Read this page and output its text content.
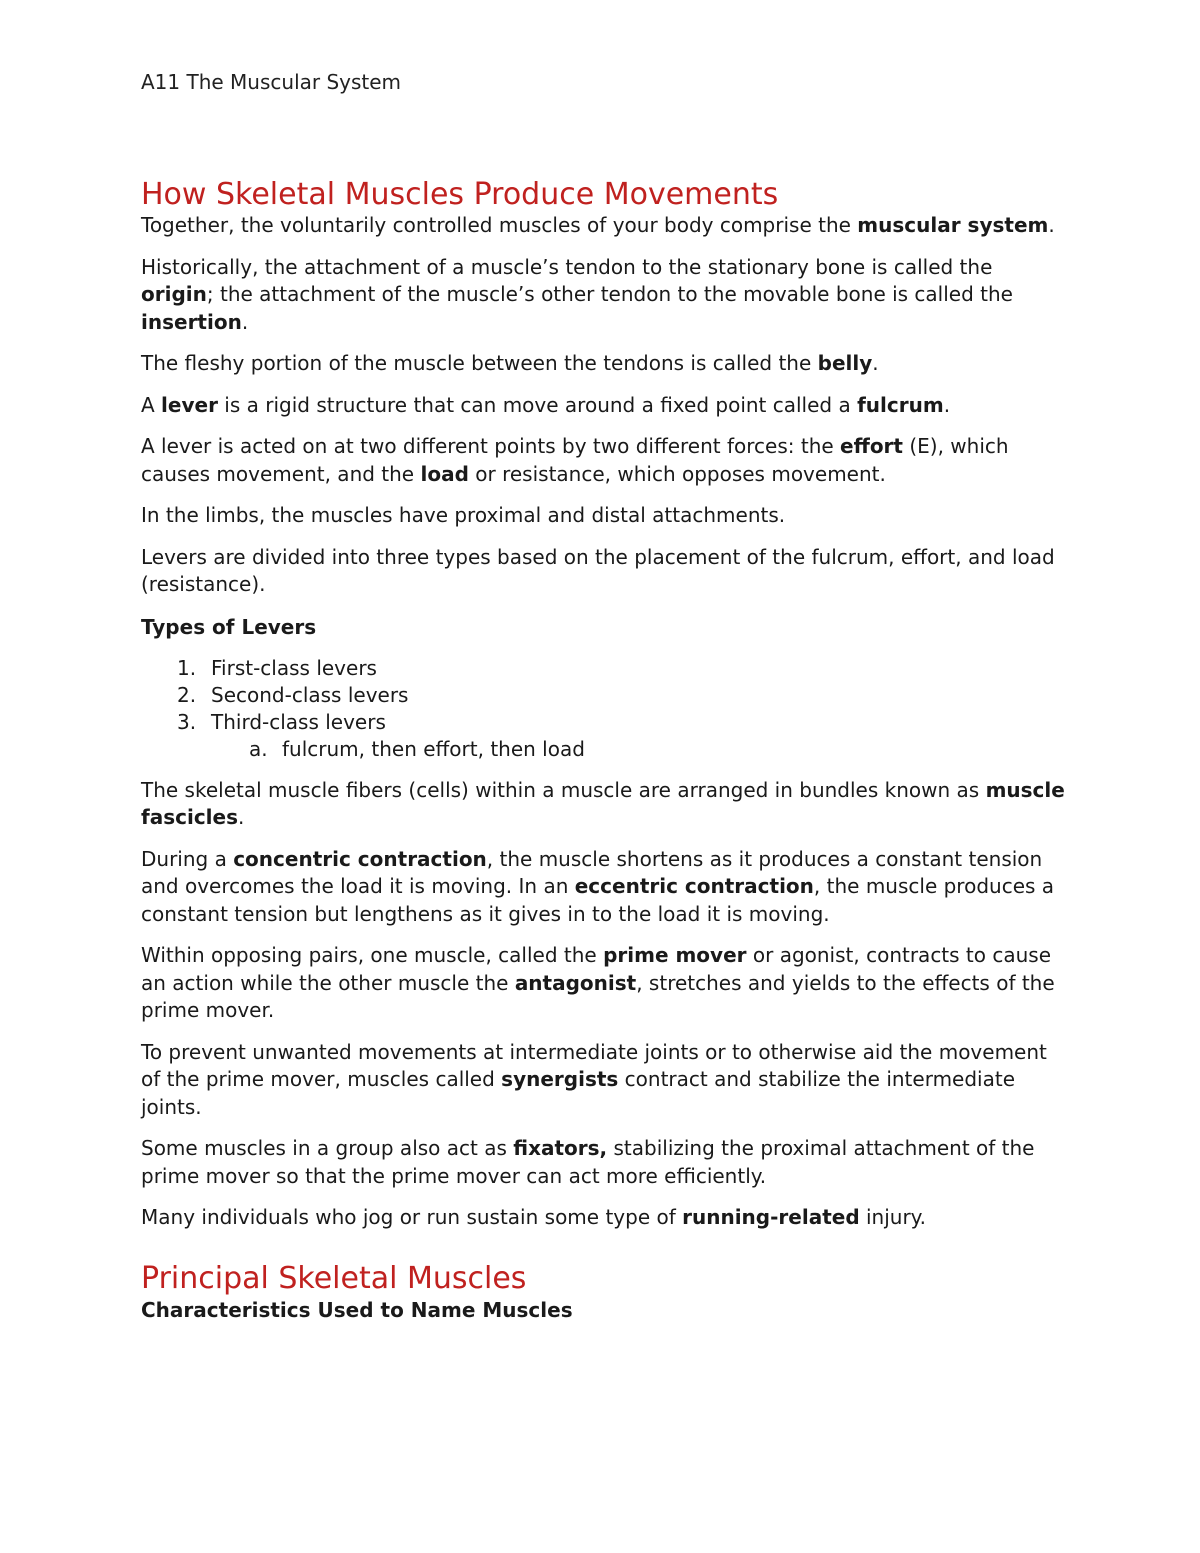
A11 The Muscular System
How Skeletal Muscles Produce Movements

Together, the voluntarily controlled muscles of your body comprise the muscular system.

Historically, the attachment of a muscle’s tendon to the stationary bone is called the origin; the attachment of the muscle’s other tendon to the movable bone is called the insertion.

The fleshy portion of the muscle between the tendons is called the belly.

A lever is a rigid structure that can move around a fixed point called a fulcrum.

A lever is acted on at two different points by two different forces: the effort (E), which causes movement, and the load or resistance, which opposes movement.

In the limbs, the muscles have proximal and distal attachments.

Levers are divided into three types based on the placement of the fulcrum, effort, and load (resistance).

Types of Levers
1. First-class levers
2. Second-class levers
3. Third-class levers
a. fulcrum, then effort, then load

The skeletal muscle fibers (cells) within a muscle are arranged in bundles known as muscle fascicles.

During a concentric contraction, the muscle shortens as it produces a constant tension and overcomes the load it is moving. In an eccentric contraction, the muscle produces a constant tension but lengthens as it gives in to the load it is moving.

Within opposing pairs, one muscle, called the prime mover or agonist, contracts to cause an action while the other muscle the antagonist, stretches and yields to the effects of the prime mover.

To prevent unwanted movements at intermediate joints or to otherwise aid the movement of the prime mover, muscles called synergists contract and stabilize the intermediate joints.

Some muscles in a group also act as fixators, stabilizing the proximal attachment of the prime mover so that the prime mover can act more efficiently.

Many individuals who jog or run sustain some type of running-related injury.

Principal Skeletal Muscles
Characteristics Used to Name Muscles
